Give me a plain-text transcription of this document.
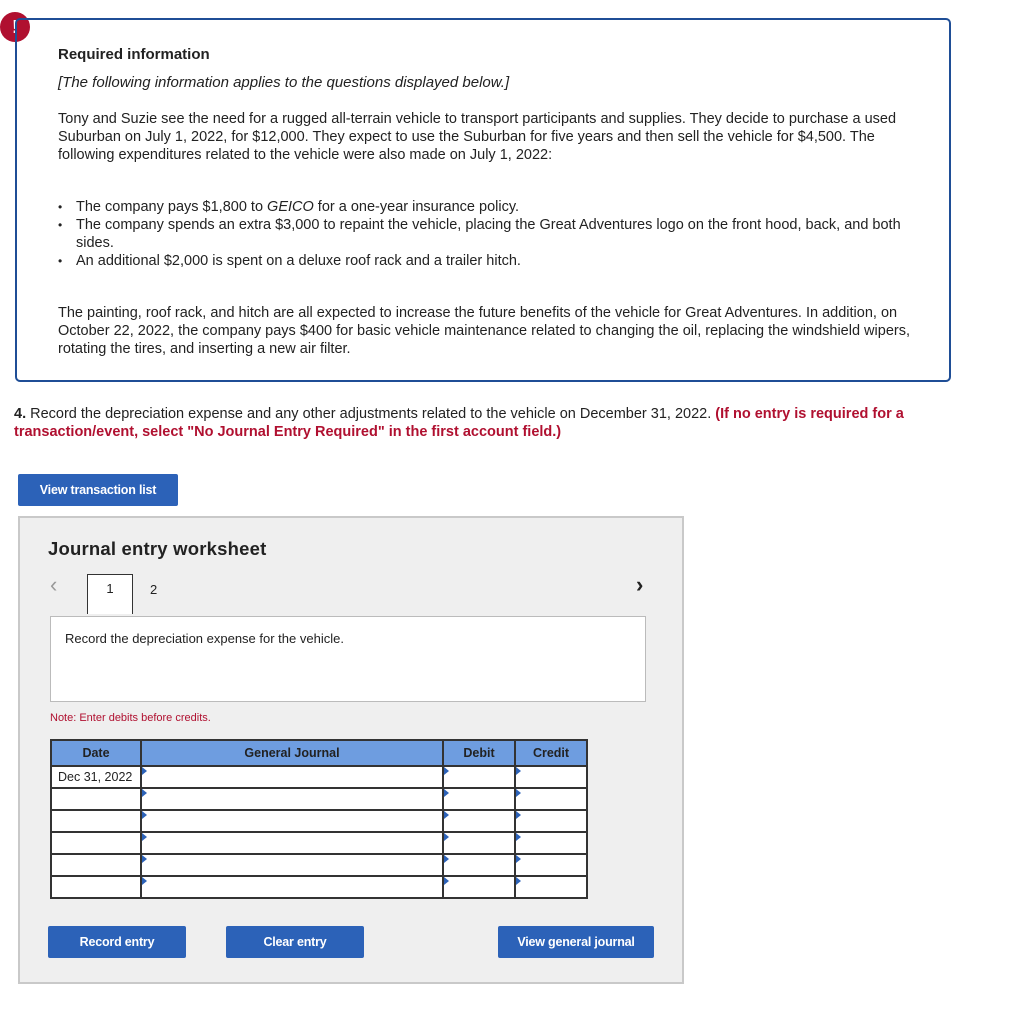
!
Required information
[The following information applies to the questions displayed below.]

Tony and Suzie see the need for a rugged all-terrain vehicle to transport participants and supplies. They decide to purchase a used Suburban on July 1, 2022, for $12,000. They expect to use the Suburban for five years and then sell the vehicle for $4,500. The following expenditures related to the vehicle were also made on July 1, 2022:

• The company pays $1,800 to GEICO for a one-year insurance policy.
• The company spends an extra $3,000 to repaint the vehicle, placing the Great Adventures logo on the front hood, back, and both sides.
• An additional $2,000 is spent on a deluxe roof rack and a trailer hitch.

The painting, roof rack, and hitch are all expected to increase the future benefits of the vehicle for Great Adventures. In addition, on October 22, 2022, the company pays $400 for basic vehicle maintenance related to changing the oil, replacing the windshield wipers, rotating the tires, and inserting a new air filter.

4. Record the depreciation expense and any other adjustments related to the vehicle on December 31, 2022. (If no entry is required for a transaction/event, select "No Journal Entry Required" in the first account field.)
View transaction list
Journal entry worksheet
‹	1	2	›
Record the depreciation expense for the vehicle.
Note: Enter debits before credits.
Date	General Journal	Debit	Credit
Dec 31, 2022			

Record entry	Clear entry	View general journal
